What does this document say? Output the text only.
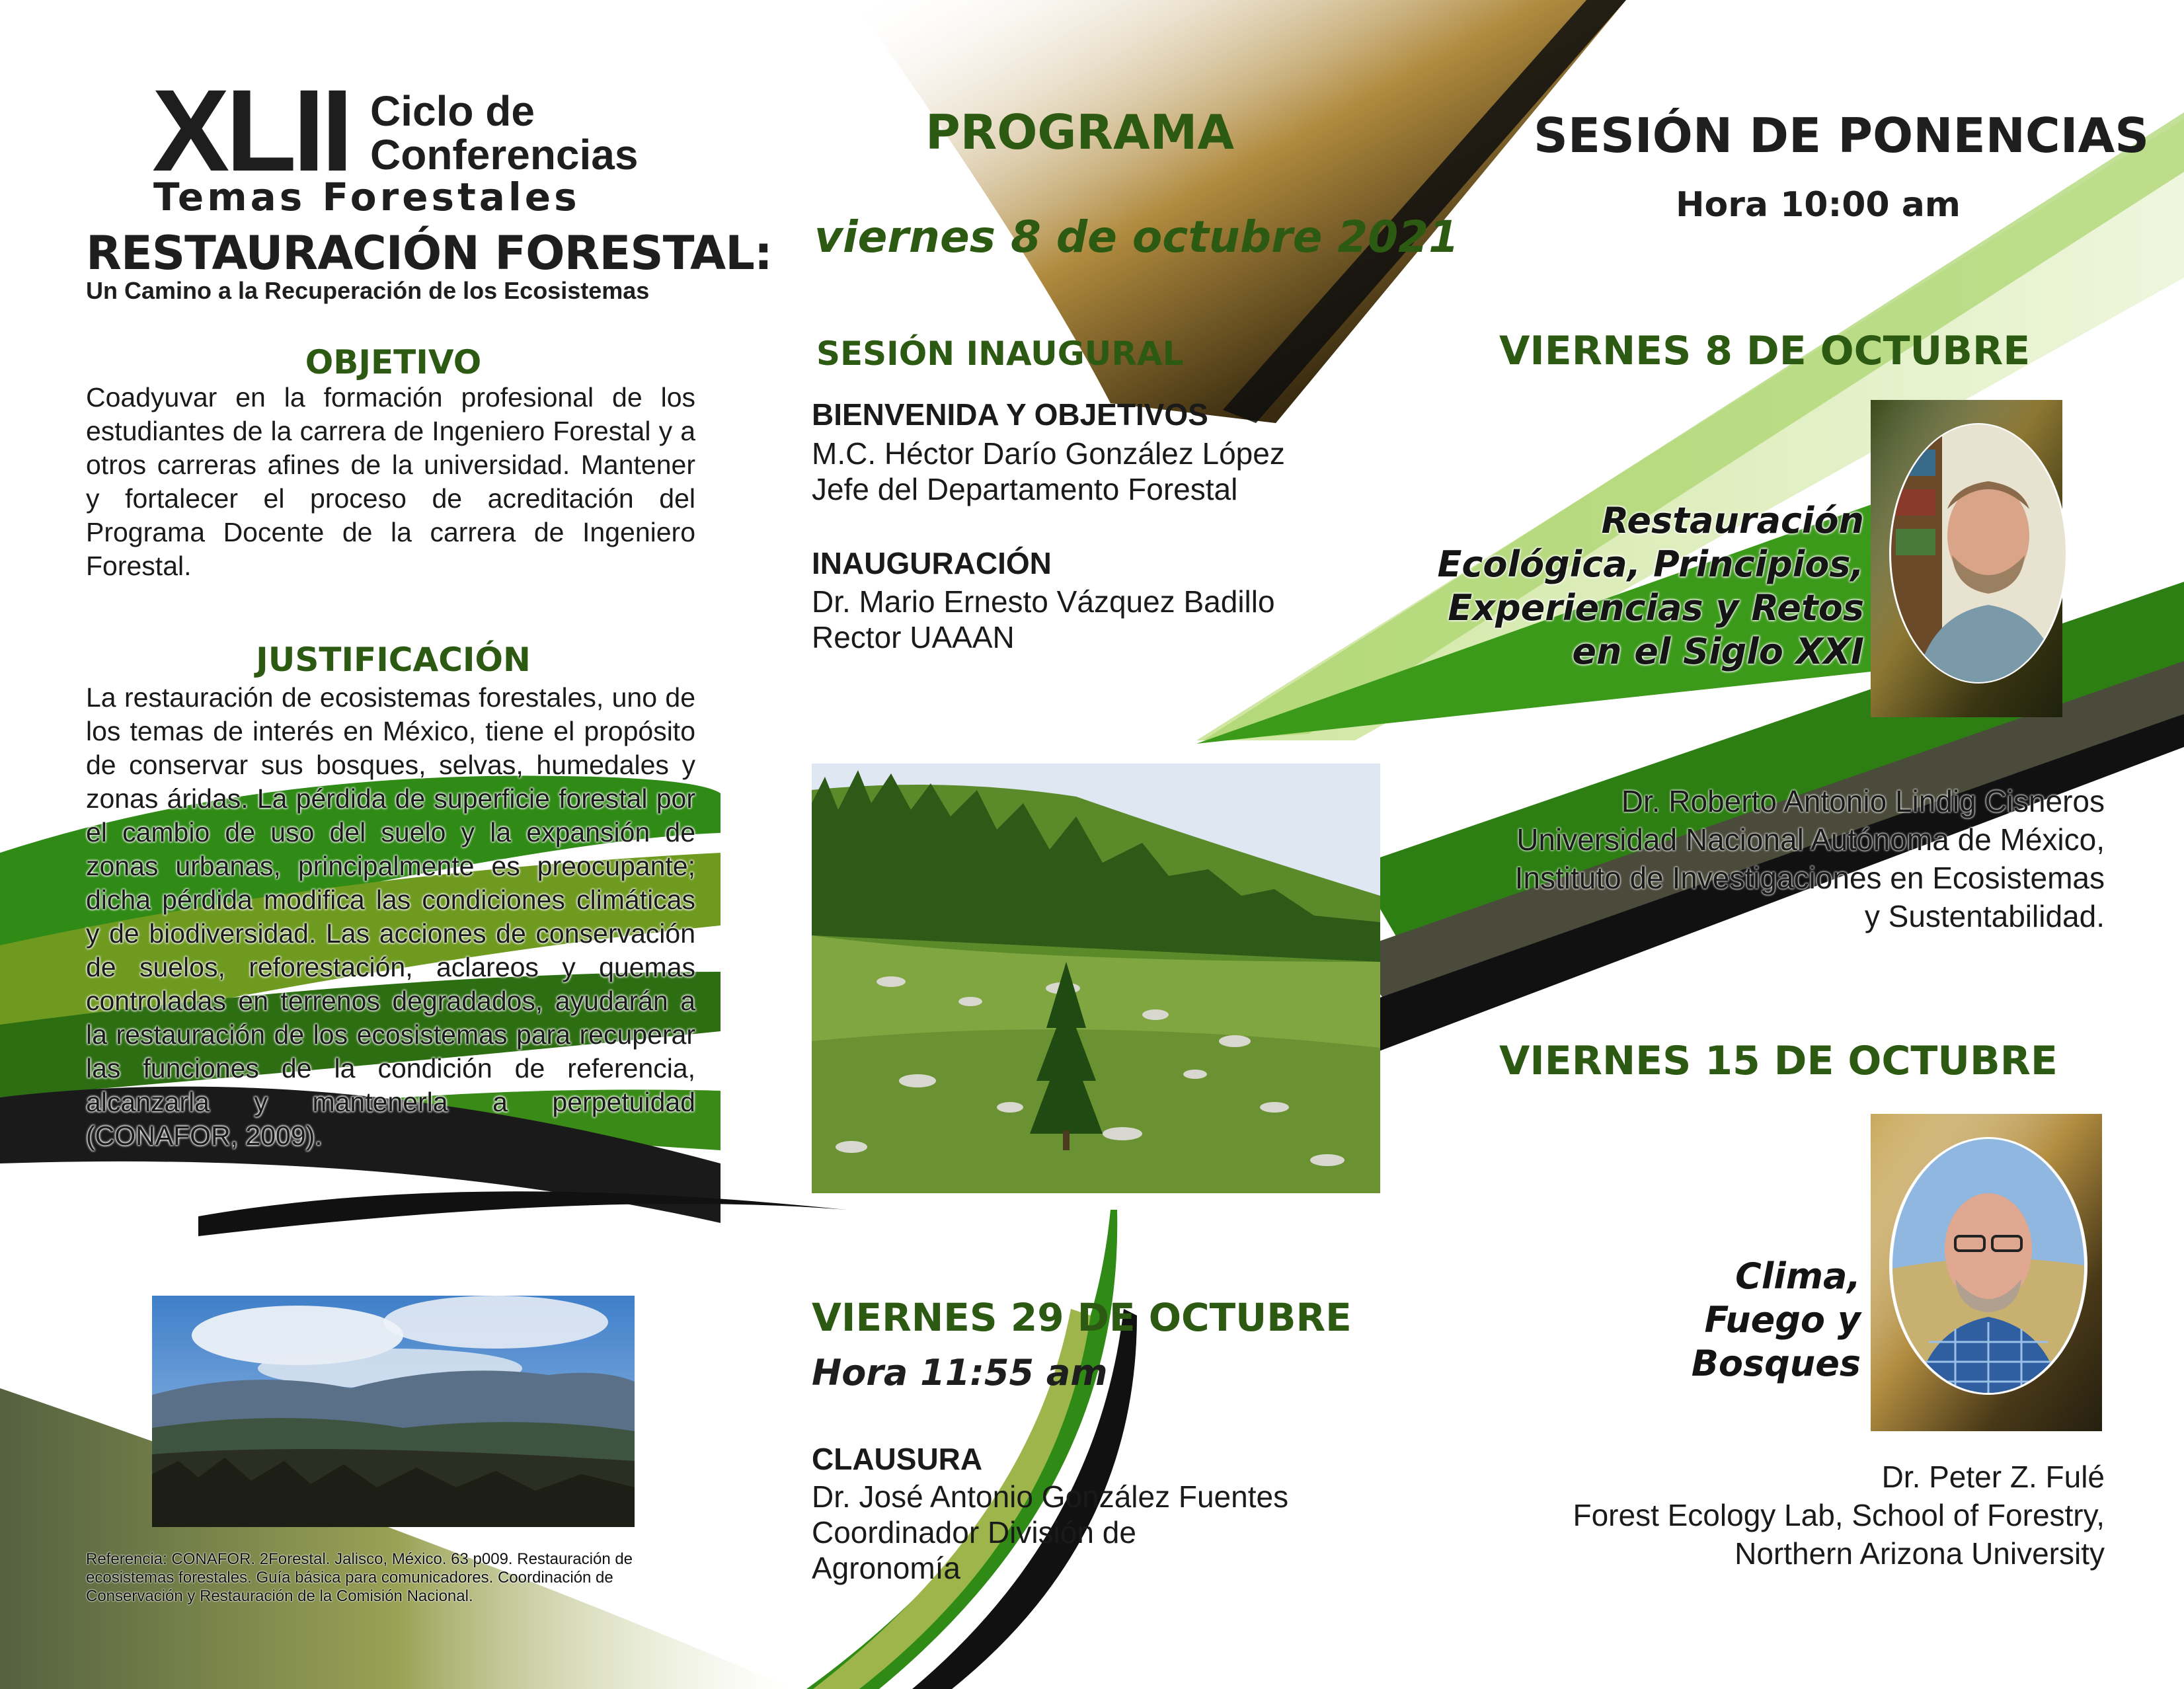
XLII Ciclo de
Conferencias
Temas Forestales
RESTAURACIÓN FORESTAL:
Un Camino a la Recuperación de los Ecosistemas
OBJETIVO
Coadyuvar en la formación profesional de los estudiantes de la carrera de Ingeniero Forestal y a otros carreras afines de la universidad. Mantener y fortalecer el proceso de acreditación del Programa Docente de la carrera de Ingeniero Forestal.
JUSTIFICACIÓN
La restauración de ecosistemas forestales, uno de los temas de interés en México, tiene el propósito de conservar sus bosques, selvas, humedales y zonas áridas. La pérdida de superficie forestal por el cambio de uso del suelo y la expansión de zonas urbanas, principalmente es preocupante; dicha pérdida modifica las condiciones climáticas y de biodiversidad. Las acciones de conservación de suelos, reforestación, aclareos y quemas controladas en terrenos degradados, ayudarán a la restauración de los ecosistemas para recuperar las funciones de la condición de referencia, alcanzarla y mantenerla a perpetuidad (CONAFOR, 2009).
Referencia: CONAFOR. 2Forestal. Jalisco, México. 63 p009. Restauración de ecosistemas forestales. Guía básica para comunicadores. Coordinación de Conservación y Restauración de la Comisión Nacional.
PROGRAMA
viernes 8 de octubre 2021
SESIÓN INAUGURAL
BIENVENIDA Y OBJETIVOS
M.C. Héctor Darío González López
Jefe del Departamento Forestal
INAUGURACIÓN
Dr. Mario Ernesto Vázquez Badillo
Rector UAAAN
VIERNES 29 DE OCTUBRE
Hora 11:55 am
CLAUSURA
Dr. José Antonio González Fuentes
Coordinador División de
Agronomía
SESIÓN DE PONENCIAS
Hora 10:00 am
VIERNES 8 DE OCTUBRE
Restauración
Ecológica, Principios,
Experiencias y Retos
en el Siglo XXI
Dr. Roberto Antonio Lindig Cisneros
Universidad Nacional Autónoma de México,
Instituto de Investigaciones en Ecosistemas
y Sustentabilidad.
VIERNES 15 DE OCTUBRE
Clima,
Fuego y
Bosques
Dr. Peter Z. Fulé
Forest Ecology Lab, School of Forestry,
Northern Arizona University
